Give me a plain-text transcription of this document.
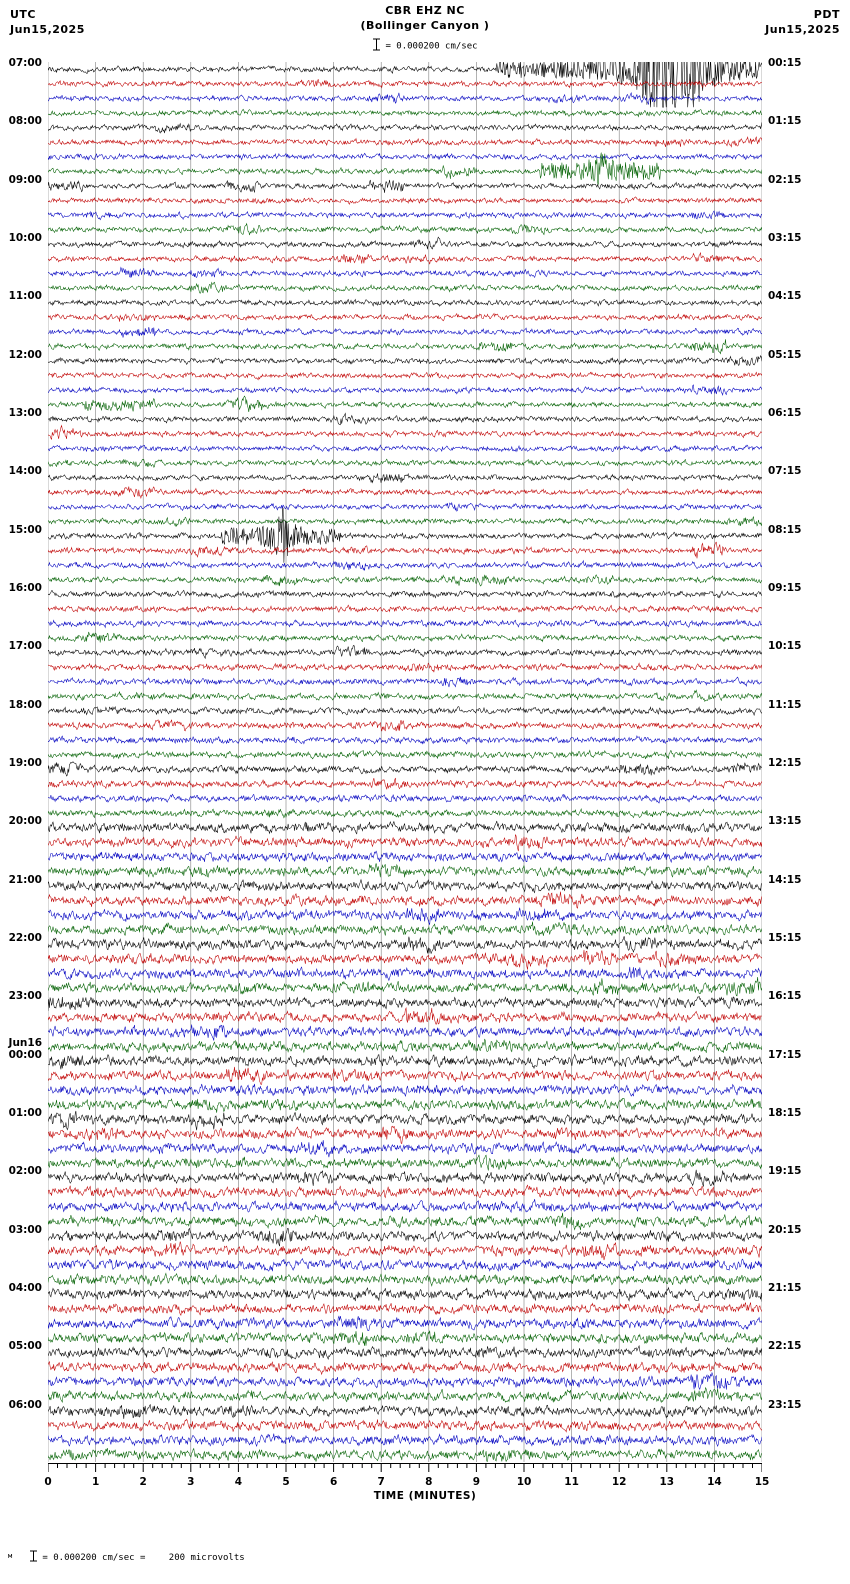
UTC
Jun15,2025
CBR EHZ NC
(Bollinger Canyon )
= 0.000200 cm/sec
PDT
Jun15,2025
07:00
08:00
09:00
10:00
11:00
12:00
13:00
14:00
15:00
16:00
17:00
18:00
19:00
20:00
21:00
22:00
23:00
00:00
Jun16
01:00
02:00
03:00
04:00
05:00
06:00
00:15
01:15
02:15
03:15
04:15
05:15
06:15
07:15
08:15
09:15
10:15
11:15
12:15
13:15
14:15
15:15
16:15
17:15
18:15
19:15
20:15
21:15
22:15
23:15
0	1	2	3	4	5	6	7	8	9	10	11	12	13	14	15
TIME (MINUTES)
м	= 0.000200 cm/sec =	200 microvolts
